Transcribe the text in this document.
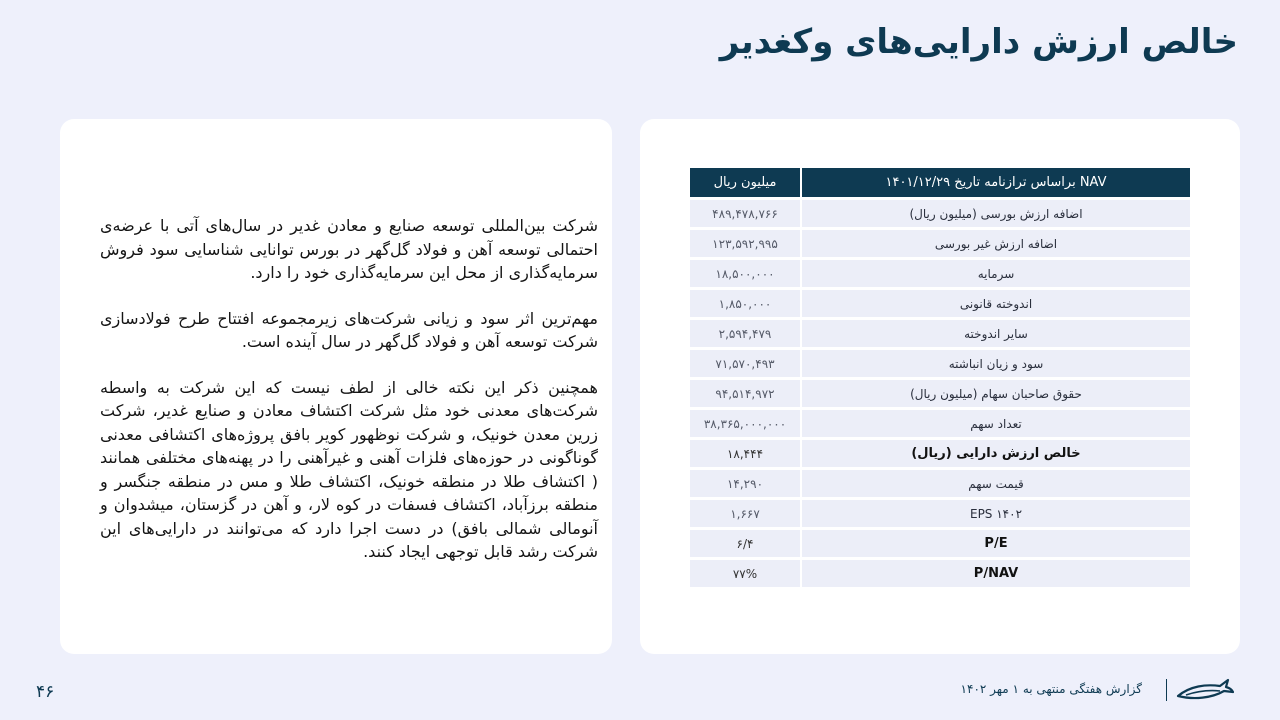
خالص ارزش دارایی‌های وکغدیر
NAV براساس ترازنامه تاریخ ۱۴۰۱/۱۲/۲۹	میلیون ریال
اضافه ارزش بورسی (میلیون ریال)	۴۸۹,۴۷۸,۷۶۶
اضافه ارزش غیر بورسی	۱۲۳,۵۹۲,۹۹۵
سرمایه	۱۸,۵۰۰,۰۰۰
اندوخته قانونی	۱,۸۵۰,۰۰۰
سایر اندوخته	۲,۵۹۴,۴۷۹
سود و زیان انباشته	۷۱,۵۷۰,۴۹۳
حقوق صاحبان سهام (میلیون ریال)	۹۴,۵۱۴,۹۷۲
تعداد سهم	۳۸,۳۶۵,۰۰۰,۰۰۰
خالص ارزش دارایی (ریال)	۱۸,۴۴۴
قیمت سهم	۱۴,۲۹۰
EPS ۱۴۰۲	۱,۶۶۷
P/E	۶/۴
P/NAV	۷۷%

شرکت بین‌المللی توسعه صنایع و معادن غدیر در سال‌های آتی با عرضه‌ی احتمالی توسعه آهن و فولاد گل‌گهر در بورس توانایی شناسایی سود فروش سرمایه‌گذاری از محل این سرمایه‌گذاری خود را دارد.

مهم‌ترین اثر سود و زیانی شرکت‌های زیرمجموعه افتتاح طرح فولادسازی شرکت توسعه آهن و فولاد گل‌گهر در سال آینده است.

همچنین ذکر این نکته خالی از لطف نیست که این شرکت به واسطه شرکت‌های معدنی خود مثل شرکت اکتشاف معادن و صنایع غدیر، شرکت زرین معدن خونیک، و شرکت نوظهور کویر بافق پروژه‌های اکتشافی معدنی گوناگونی در حوزه‌های فلزات آهنی و غیرآهنی را در پهنه‌های مختلفی همانند ( اکتشاف طلا در منطقه خونیک، اکتشاف طلا و مس در منطقه جنگسر و منطقه برزآباد، اکتشاف فسفات در کوه لار، و آهن در گزستان، میشدوان و آنومالی شمالی بافق) در دست اجرا دارد که می‌توانند در دارایی‌های این شرکت رشد قابل توجهی ایجاد کنند.

۴۶	گزارش هفتگی منتهی به ۱ مهر ۱۴۰۲
